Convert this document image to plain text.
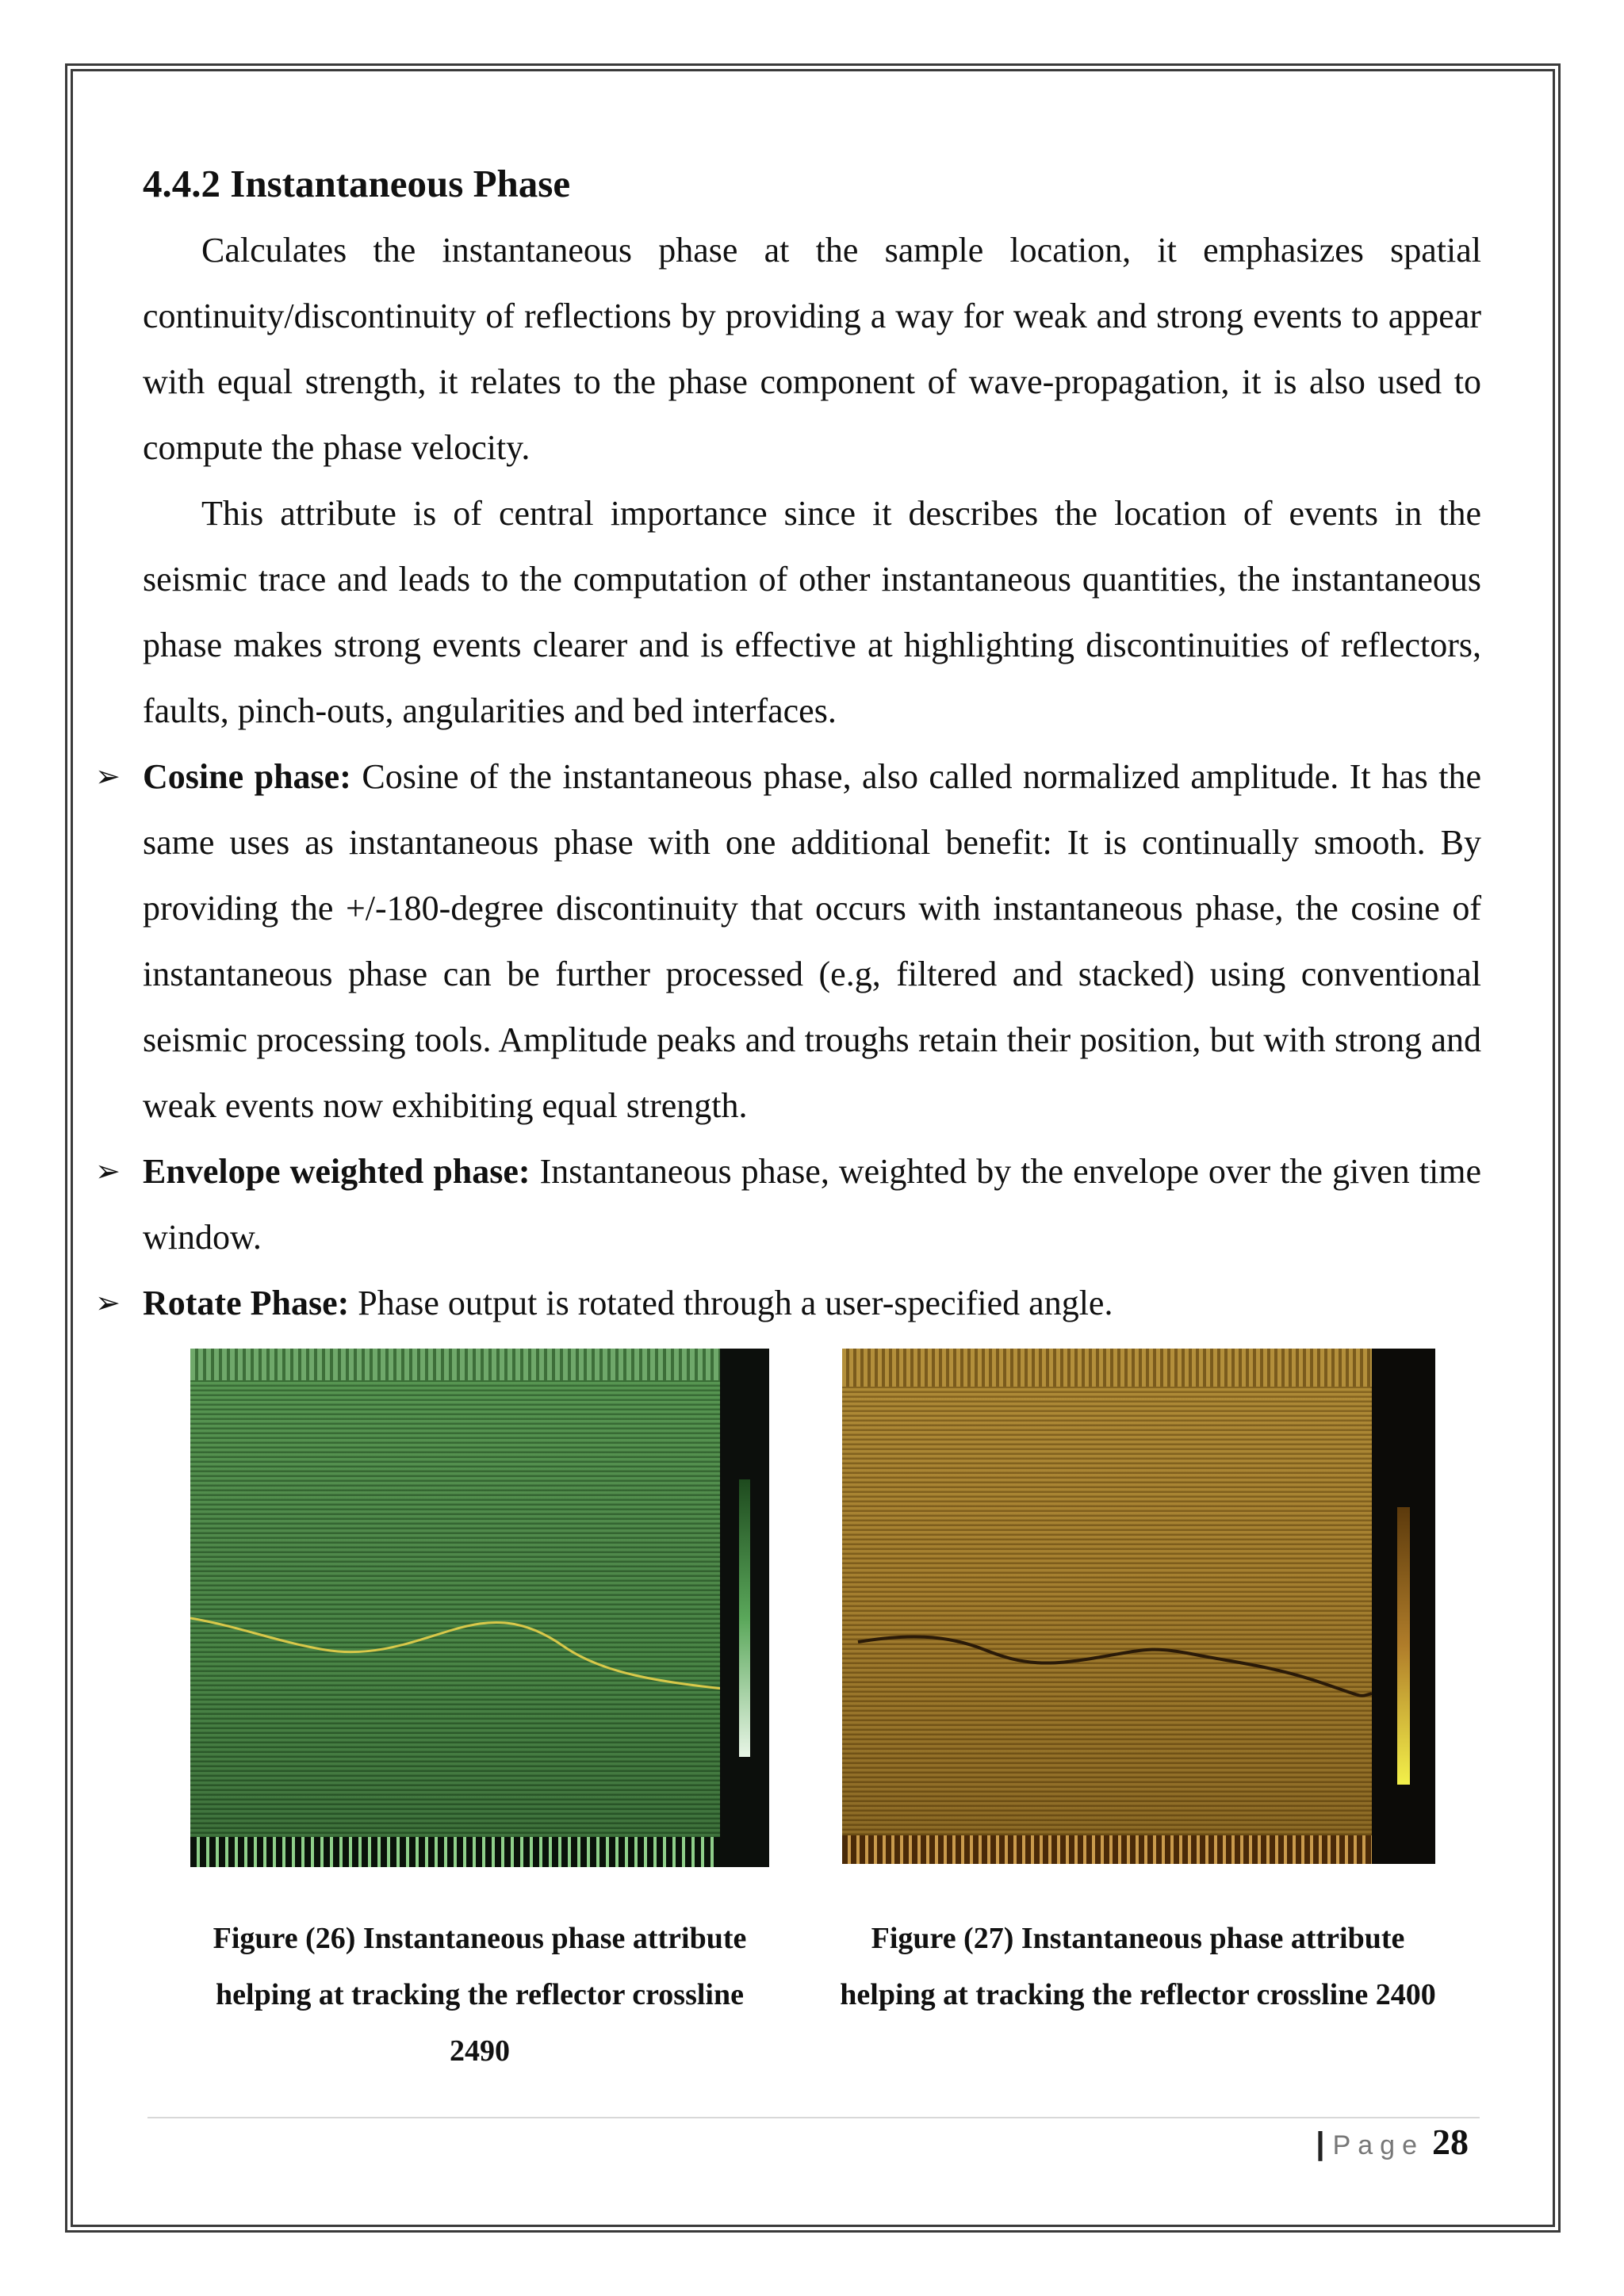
4.4.2 Instantaneous Phase

Calculates the instantaneous phase at the sample location, it emphasizes spatial continuity/discontinuity of reflections by providing a way for weak and strong events to appear with equal strength, it relates to the phase component of wave-propagation, it is also used to compute the phase velocity.

This attribute is of central importance since it describes the location of events in the seismic trace and leads to the computation of other instantaneous quantities, the instantaneous phase makes strong events clearer and is effective at highlighting discontinuities of reflectors, faults, pinch-outs, angularities and bed interfaces.

➢ Cosine phase: Cosine of the instantaneous phase, also called normalized amplitude. It has the same uses as instantaneous phase with one additional benefit: It is continually smooth. By providing the +/-180-degree discontinuity that occurs with instantaneous phase, the cosine of instantaneous phase can be further processed (e.g, filtered and stacked) using conventional seismic processing tools. Amplitude peaks and troughs retain their position, but with strong and weak events now exhibiting equal strength.
➢ Envelope weighted phase: Instantaneous phase, weighted by the envelope over the given time window.
➢ Rotate Phase: Phase output is rotated through a user-specified angle.
Figure (26) Instantaneous phase attribute
helping at tracking the reflector crossline
2490
Figure (27) Instantaneous phase attribute
helping at tracking the reflector crossline 2400
| Page 28
